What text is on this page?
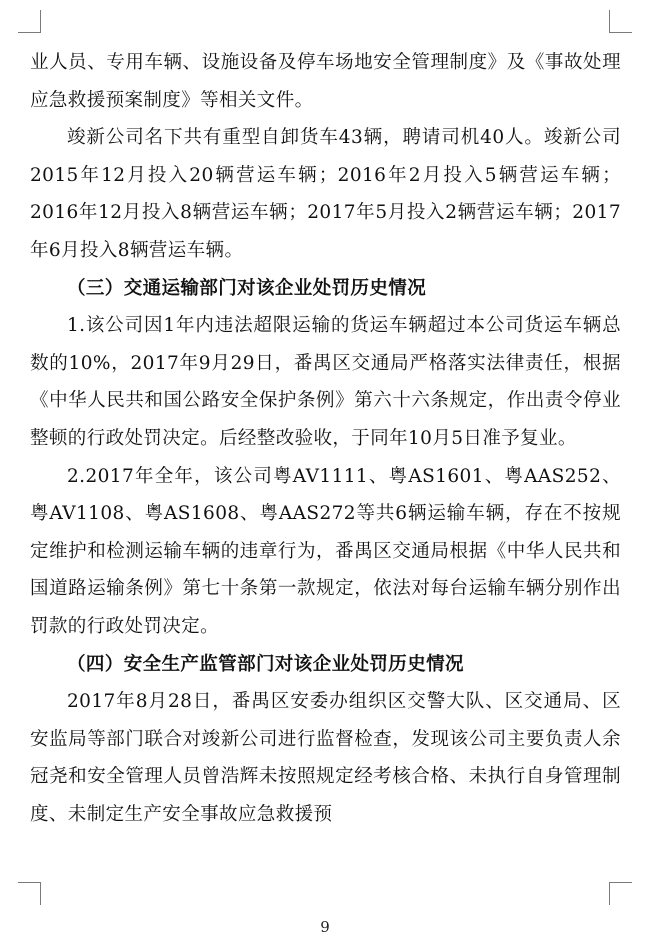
业人员、专用车辆、设施设备及停车场地安全管理制度》及《事故处理应急救援预案制度》等相关文件。

竣新公司名下共有重型自卸货车43辆，聘请司机40人。竣新公司2015年12月投入20辆营运车辆；2016年2月投入5辆营运车辆；2016年12月投入8辆营运车辆；2017年5月投入2辆营运车辆；2017年6月投入8辆营运车辆。

（三）交通运输部门对该企业处罚历史情况

1.该公司因1年内违法超限运输的货运车辆超过本公司货运车辆总数的10%，2017年9月29日，番禺区交通局严格落实法律责任，根据《中华人民共和国公路安全保护条例》第六十六条规定，作出责令停业整顿的行政处罚决定。后经整改验收，于同年10月5日准予复业。

2.2017年全年，该公司粤AV1111、粤AS1601、粤AAS252、粤AV1108、粤AS1608、粤AAS272等共6辆运输车辆，存在不按规定维护和检测运输车辆的违章行为，番禺区交通局根据《中华人民共和国道路运输条例》第七十条第一款规定，依法对每台运输车辆分别作出罚款的行政处罚决定。

（四）安全生产监管部门对该企业处罚历史情况

2017年8月28日，番禺区安委办组织区交警大队、区交通局、区安监局等部门联合对竣新公司进行监督检查，发现该公司主要负责人余冠尧和安全管理人员曾浩辉未按照规定经考核合格、未执行自身管理制度、未制定生产安全事故应急救援预

9
